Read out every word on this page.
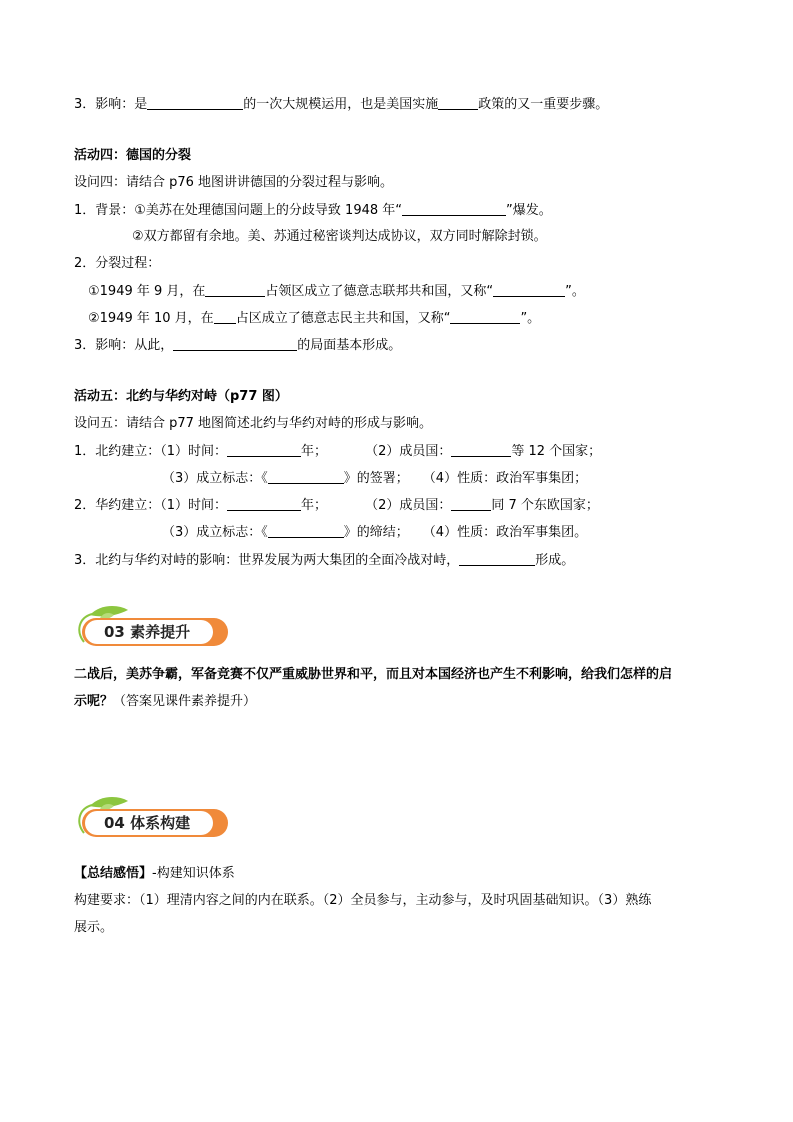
3．影响：是	的一次大规模运用，也是美国实施	政策的又一重要步骤。
活动四：德国的分裂
设问四：请结合 p76 地图讲讲德国的分裂过程与影响。
1．背景：①美苏在处理德国问题上的分歧导致 1948 年“	”爆发。
②双方都留有余地。美、苏通过秘密谈判达成协议，双方同时解除封锁。
2．分裂过程：
①1949 年 9 月，在	占领区成立了德意志联邦共和国，又称“	”。
②1949 年 10 月，在 占区成立了德意志民主共和国，又称“	”。
3．影响：从此，	的局面基本形成。
活动五：北约与华约对峙（p77 图）
设问五：请结合 p77 地图简述北约与华约对峙的形成与影响。
1．北约建立：（1）时间：	年；	（2）成员国：	等 12 个国家；
（3）成立标志：《	》的签署； （4）性质：政治军事集团；
2．华约建立：（1）时间：	年；	（2）成员国：	同 7 个东欧国家；
（3）成立标志：《	》的缔结； （4）性质：政治军事集团。
3．北约与华约对峙的影响：世界发展为两大集团的全面冷战对峙，	形成。
03 素养提升
二战后，美苏争霸，军备竞赛不仅严重威胁世界和平，而且对本国经济也产生不利影响，给我们怎样的启
示呢？（答案见课件素养提升）
04 体系构建
【总结感悟】-构建知识体系
构建要求：（1）理清内容之间的内在联系。（2）全员参与，主动参与，及时巩固基础知识。（3）熟练
展示。
